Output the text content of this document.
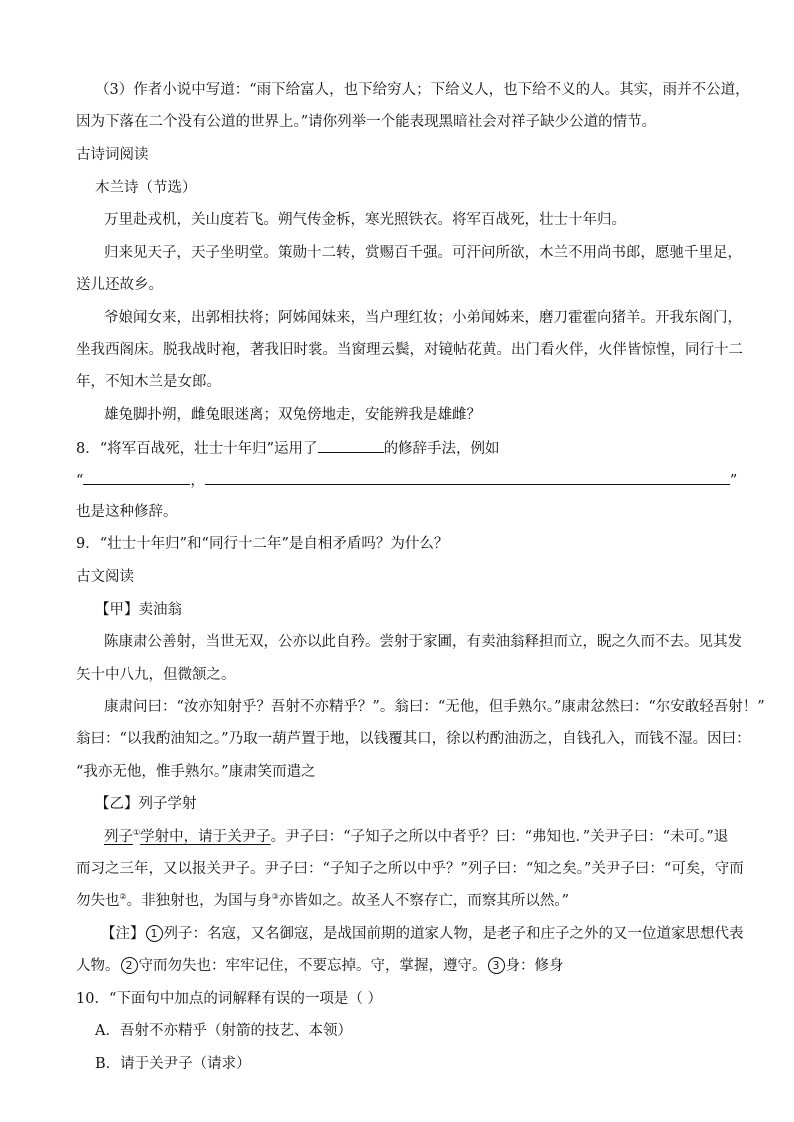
（3）作者小说中写道：“雨下给富人，也下给穷人；下给义人，也下给不义的人。其实，雨并不公道，
因为下落在二个没有公道的世界上。”请你列举一个能表现黑暗社会对祥子缺少公道的情节。
古诗词阅读
木兰诗（节选）
万里赴戎机，关山度若飞。朔气传金柝，寒光照铁衣。将军百战死，壮士十年归。
归来见天子，天子坐明堂。策勋十二转，赏赐百千强。可汗问所欲，木兰不用尚书郎，愿驰千里足，
送儿还故乡。
爷娘闻女来，出郭相扶将；阿姊闻妹来，当户理红妆；小弟闻姊来，磨刀霍霍向猪羊。开我东阁门，
坐我西阁床。脱我战时袍，著我旧时裳。当窗理云鬓，对镜帖花黄。出门看火伴，火伴皆惊惶，同行十二
年，不知木兰是女郎。
雄兔脚扑朔，雌兔眼迷离；双兔傍地走，安能辨我是雄雌？
8．“将军百战死，壮士十年归”运用了	的修辞手法，例如
“	，	”
也是这种修辞。
9．“壮士十年归”和“同行十二年”是自相矛盾吗？为什么？
古文阅读
【甲】卖油翁
陈康肃公善射，当世无双，公亦以此自矜。尝射于家圃，有卖油翁释担而立，睨之久而不去。见其发
矢十中八九，但微颔之。
康肃问曰：“汝亦知射乎？吾射不亦精乎？”。翁曰：“无他，但手熟尔。”康肃忿然曰：“尔安敢轻吾射！”
翁曰：“以我酌油知之。”乃取一葫芦置于地，以钱覆其口，徐以杓酌油沥之，自钱孔入，而钱不湿。因曰：
“我亦无他，惟手熟尔。”康肃笑而遣之
【乙】列子学射
列子①学射中，请于关尹子。尹子曰：“子知子之所以中者乎？曰：“弗知也．”关尹子曰：“未可。”退
而习之三年，又以报关尹子。尹子曰：“子知子之所以中乎？”列子曰：“知之矣。”关尹子曰：“可矣，守而
勿失也②。非独射也，为国与身③亦皆如之。故圣人不察存亡，而察其所以然。”
【注】 1 列子：名寇，又名御寇，是战国前期的道家人物，是老子和庄子之外的又一位道家思想代表
人物。 2 守而勿失也：牢牢记住，不要忘掉。守，掌握，遵守。 3 身：修身
10．“下面句中加点的词解释有误的一项是（ ）
A．吾射不亦精乎（射箭的技艺、本领）
B．请于关尹子（请求）
